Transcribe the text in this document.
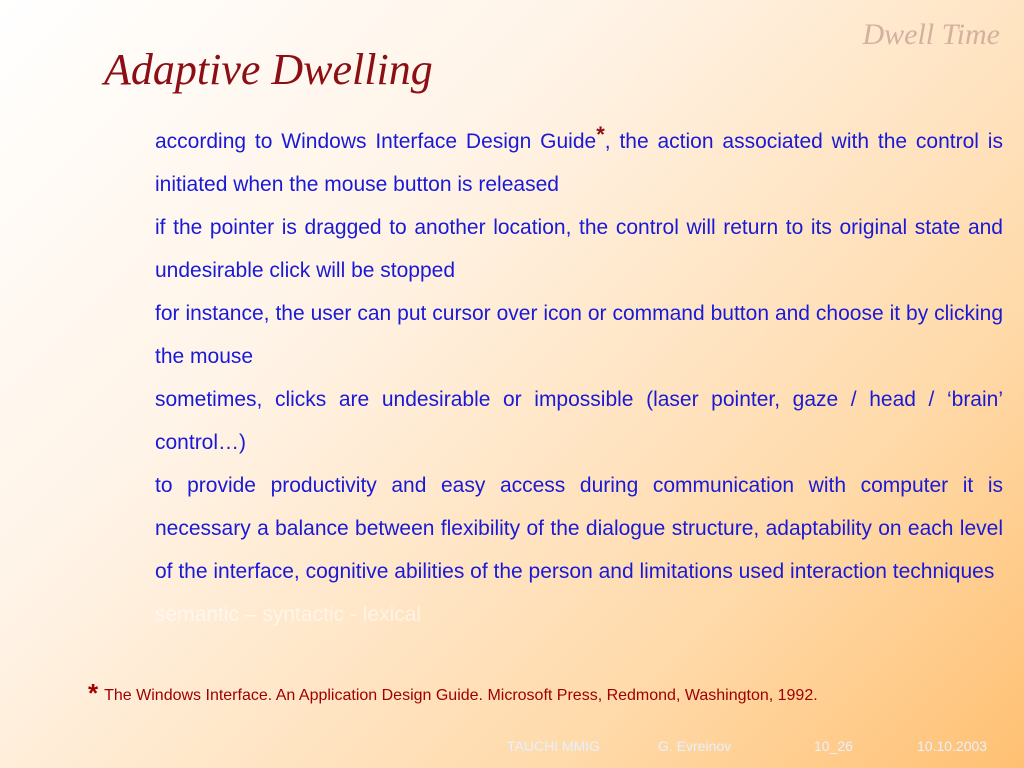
Dwell Time
Adaptive Dwelling
according to Windows Interface Design Guide*, the action associated with the control is initiated when the mouse button is released
if the pointer is dragged to another location, the control will return to its original state and undesirable click will be stopped
for instance, the user can put cursor over icon or command button and choose it by clicking the mouse
sometimes, clicks are undesirable or impossible (laser pointer, gaze / head / ‘brain’ control…)
to provide productivity and easy access during communication with computer it is necessary a balance between flexibility of the dialogue structure, adaptability on each level of the interface, cognitive abilities of the person and limitations used interaction techniques
semantic – syntactic - lexical

* The Windows Interface. An Application Design Guide. Microsoft Press, Redmond, Washington, 1992.

TAUCHI MMIG	G. Evreinov	10_26	10.10.2003
